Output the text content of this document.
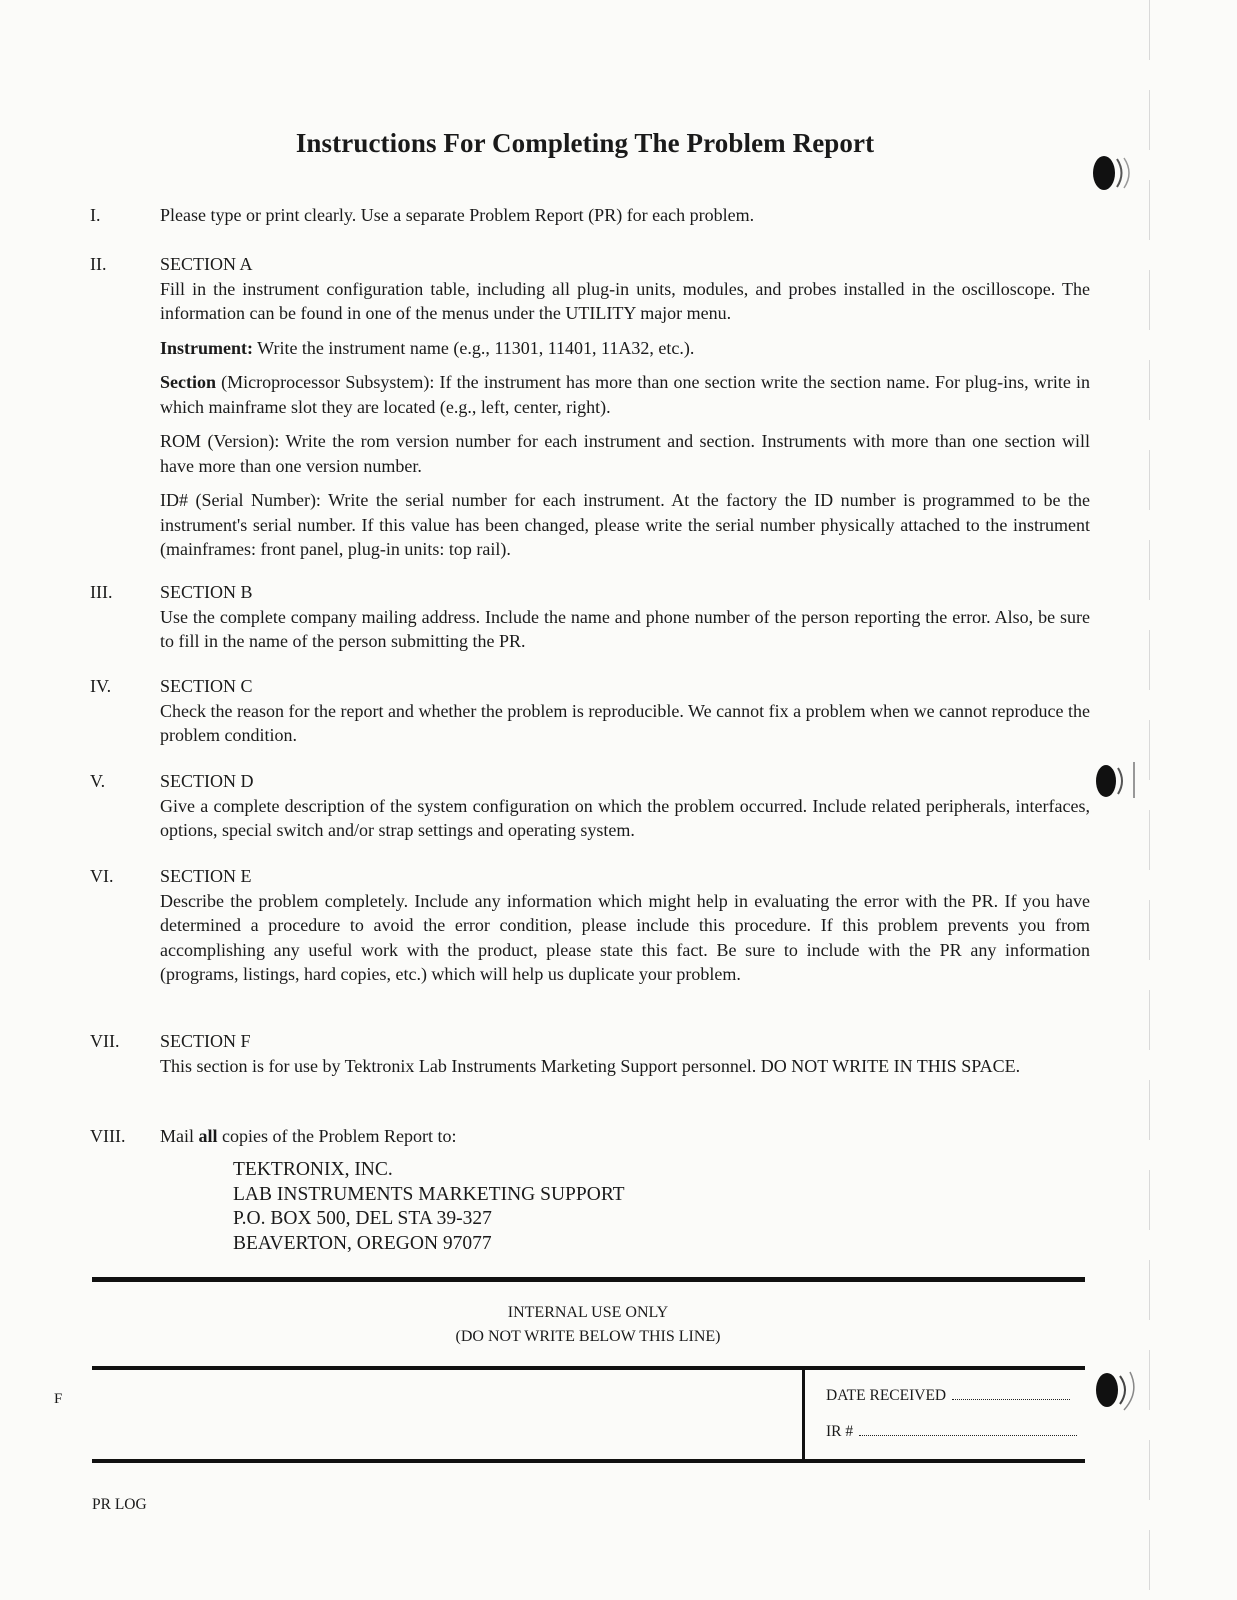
Instructions For Completing The Problem Report
I.	Please type or print clearly. Use a separate Problem Report (PR) for each problem.

II.	SECTION A

Fill in the instrument configuration table, including all plug-in units, modules, and probes installed in the oscilloscope. The information can be found in one of the menus under the UTILITY major menu.

Instrument: Write the instrument name (e.g., 11301, 11401, 11A32, etc.).

Section (Microprocessor Subsystem): If the instrument has more than one section write the section name. For plug-ins, write in which mainframe slot they are located (e.g., left, center, right).

ROM (Version): Write the rom version number for each instrument and section. Instruments with more than one section will have more than one version number.

ID# (Serial Number): Write the serial number for each instrument. At the factory the ID number is programmed to be the instrument's serial number. If this value has been changed, please write the serial number physically attached to the instrument (mainframes: front panel, plug-in units: top rail).

III.	SECTION B

Use the complete company mailing address. Include the name and phone number of the person reporting the error. Also, be sure to fill in the name of the person submitting the PR.

IV.	SECTION C

Check the reason for the report and whether the problem is reproducible. We cannot fix a problem when we cannot reproduce the problem condition.

V.	SECTION D

Give a complete description of the system configuration on which the problem occurred. Include related peripherals, interfaces, options, special switch and/or strap settings and operating system.

VI.	SECTION E

Describe the problem completely. Include any information which might help in evaluating the error with the PR. If you have determined a procedure to avoid the error condition, please include this procedure. If this problem prevents you from accomplishing any useful work with the product, please state this fact. Be sure to include with the PR any information (programs, listings, hard copies, etc.) which will help us duplicate your problem.

VII. SECTION F

This section is for use by Tektronix Lab Instruments Marketing Support personnel. DO NOT WRITE IN THIS SPACE.

VIII. Mail all copies of the Problem Report to:

TEKTRONIX, INC.
LAB INSTRUMENTS MARKETING SUPPORT
P.O. BOX 500, DEL STA 39-327
BEAVERTON, OREGON 97077
INTERNAL USE ONLY
(DO NOT WRITE BELOW THIS LINE)
DATE RECEIVED
IR #
F
PR LOG
